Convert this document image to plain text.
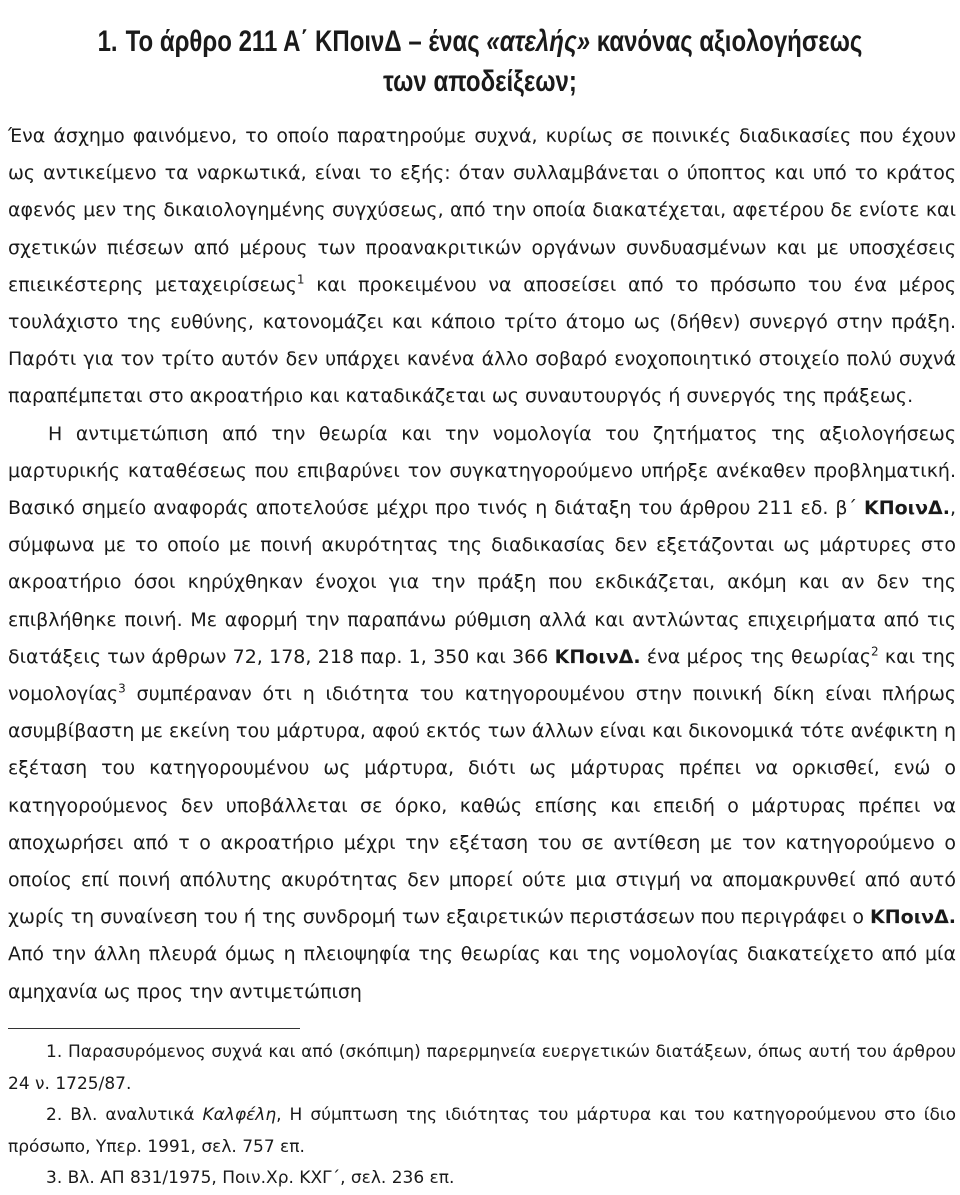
1. Το άρθρο 211 Α΄ ΚΠοινΔ – ένας «ατελής» κανόνας αξιολογήσεως
των αποδείξεων;

Ένα άσχημο φαινόμενο, το οποίο παρατηρούμε συχνά, κυρίως σε ποινικές διαδικασίες που έχουν ως αντικείμενο τα ναρκωτικά, είναι το εξής: όταν συλλαμβάνεται ο ύποπτος και υπό το κράτος αφενός μεν της δικαιολογημένης συγχύσεως, από την οποία διακατέχεται, αφετέρου δε ενίοτε και σχετικών πιέσεων από μέρους των προανακριτικών οργάνων συνδυασμένων και με υποσχέσεις επιεικέστερης μεταχειρίσεως$^1$ και προκειμένου να αποσείσει από το πρόσωπο του ένα μέρος τουλάχιστο της ευθύνης, κατονομάζει και κάποιο τρίτο άτομο ως (δήθεν) συνεργό στην πράξη. Παρότι για τον τρίτο αυτόν δεν υπάρχει κανένα άλλο σοβαρό ενοχοποιητικό στοιχείο πολύ συχνά παραπέμπεται στο ακροατήριο και καταδικάζεται ως συναυτουργός ή συνεργός της πράξεως.

Η αντιμετώπιση από την θεωρία και την νομολογία του ζητήματος της αξιολογήσεως μαρτυρικής καταθέσεως που επιβαρύνει τον συγκατηγορούμενο υπήρξε ανέκαθεν προβληματική. Βασικό σημείο αναφοράς αποτελούσε μέχρι προ τινός η διάταξη του άρθρου 211 εδ. β΄ ΚΠοινΔ., σύμφωνα με το οποίο με ποινή ακυρότητας της διαδικασίας δεν εξετάζονται ως μάρτυρες στο ακροατήριο όσοι κηρύχθηκαν ένοχοι για την πράξη που εκδικάζεται, ακόμη και αν δεν της επιβλήθηκε ποινή. Με αφορμή την παραπάνω ρύθμιση αλλά και αντλώντας επιχειρήματα από τις διατάξεις των άρθρων 72, 178, 218 παρ. 1, 350 και 366 ΚΠοινΔ. ένα μέρος της θεωρίας$^2$ και της νομολογίας$^3$ συμπέραναν ότι η ιδιότητα του κατηγορουμένου στην ποινική δίκη είναι πλήρως ασυμβίβαστη με εκείνη του μάρτυρα, αφού εκτός των άλλων είναι και δικονομικά τότε ανέφικτη η εξέταση του κατηγορουμένου ως μάρτυρα, διότι ως μάρτυρας πρέπει να ορκισθεί, ενώ ο κατηγορούμενος δεν υποβάλλεται σε όρκο, καθώς επίσης και επειδή ο μάρτυρας πρέπει να αποχωρήσει από τ ο ακροατήριο μέχρι την εξέταση του σε αντίθεση με τον κατηγορούμενο ο οποίος επί ποινή απόλυτης ακυρότητας δεν μπορεί ούτε μια στιγμή να απομακρυνθεί από αυτό χωρίς τη συναίνεση του ή της συνδρομή των εξαιρετικών περιστάσεων που περιγράφει ο ΚΠοινΔ. Από την άλλη πλευρά όμως η πλειοψηφία της θεωρίας και της νομολογίας διακατείχετο από μία αμηχανία ως προς την αντιμετώπιση

1. Παρασυρόμενος συχνά και από (σκόπιμη) παρερμηνεία ευεργετικών διατάξεων, όπως αυτή του άρθρου 24 ν. 1725/87.

2. Βλ. αναλυτικά Καλφέλη, Η σύμπτωση της ιδιότητας του μάρτυρα και του κατηγορούμενου στο ίδιο πρόσωπο, Υπερ. 1991, σελ. 757 επ.

3. Βλ. ΑΠ 831/1975, Ποιν.Χρ. ΚΧΓ΄, σελ. 236 επ.
